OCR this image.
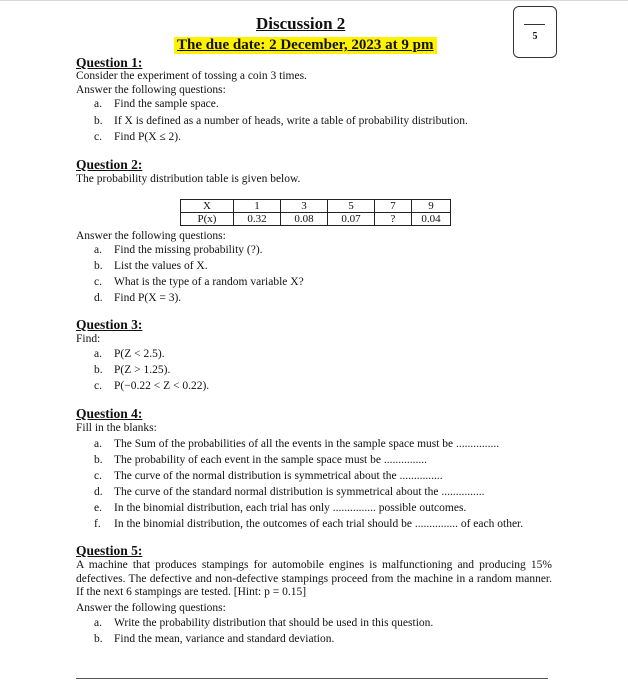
Discussion 2
The due date: 2 December, 2023 at 9 pm
5
Question 1:
Consider the experiment of tossing a coin 3 times.
Answer the following questions:
a. Find the sample space.
b. If X is defined as a number of heads, write a table of probability distribution.
c. Find P(X ≤ 2).
Question 2:
The probability distribution table is given below.
X	1	3	5	7	9
P(x)	0.32	0.08	0.07	?	0.04
Answer the following questions:
a. Find the missing probability (?).
b. List the values of X.
c. What is the type of a random variable X?
d. Find P(X = 3).
Question 3:
Find:
a. P(Z < 2.5).
b. P(Z > 1.25).
c. P(−0.22 < Z < 0.22).
Question 4:
Fill in the blanks:
a. The Sum of the probabilities of all the events in the sample space must be ...............
b. The probability of each event in the sample space must be ...............
c. The curve of the normal distribution is symmetrical about the ...............
d. The curve of the standard normal distribution is symmetrical about the ...............
e. In the binomial distribution, each trial has only ............... possible outcomes.
f. In the binomial distribution, the outcomes of each trial should be ............... of each other.
Question 5:
A machine that produces stampings for automobile engines is malfunctioning and producing 15% defectives. The defective and non-defective stampings proceed from the machine in a random manner. If the next 6 stampings are tested. [Hint: p = 0.15]
Answer the following questions:
a. Write the probability distribution that should be used in this question.
b. Find the mean, variance and standard deviation.
